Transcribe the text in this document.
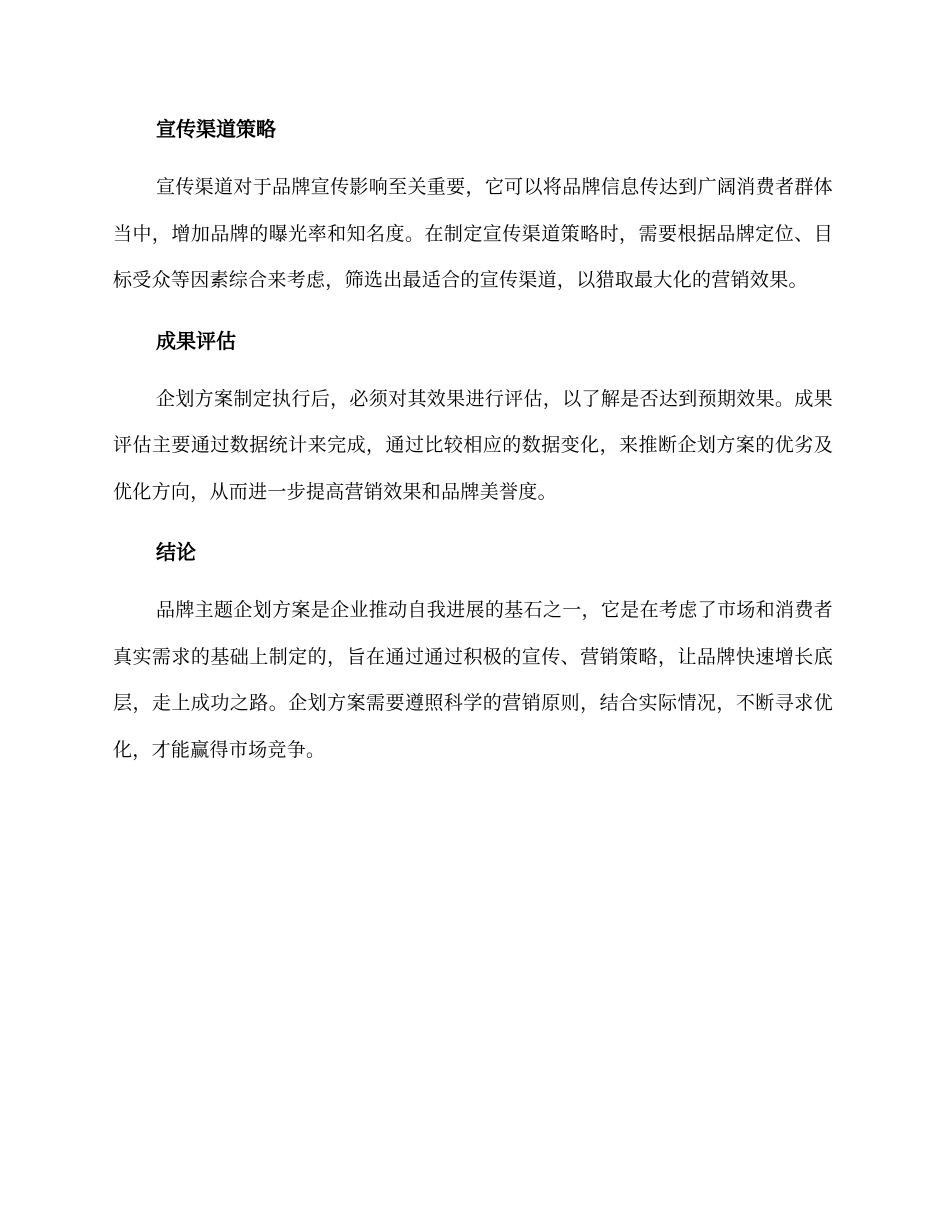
宣传渠道策略

宣传渠道对于品牌宣传影响至关重要，它可以将品牌信息传达到广阔消费者群体当中，增加品牌的曝光率和知名度。在制定宣传渠道策略时，需要根据品牌定位、目标受众等因素综合来考虑，筛选出最适合的宣传渠道，以猎取最大化的营销效果。

成果评估

企划方案制定执行后，必须对其效果进行评估，以了解是否达到预期效果。成果评估主要通过数据统计来完成，通过比较相应的数据变化，来推断企划方案的优劣及优化方向，从而进一步提高营销效果和品牌美誉度。

结论

品牌主题企划方案是企业推动自我进展的基石之一，它是在考虑了市场和消费者真实需求的基础上制定的，旨在通过通过积极的宣传、营销策略，让品牌快速增长底层，走上成功之路。企划方案需要遵照科学的营销原则，结合实际情况，不断寻求优化，才能赢得市场竞争。
